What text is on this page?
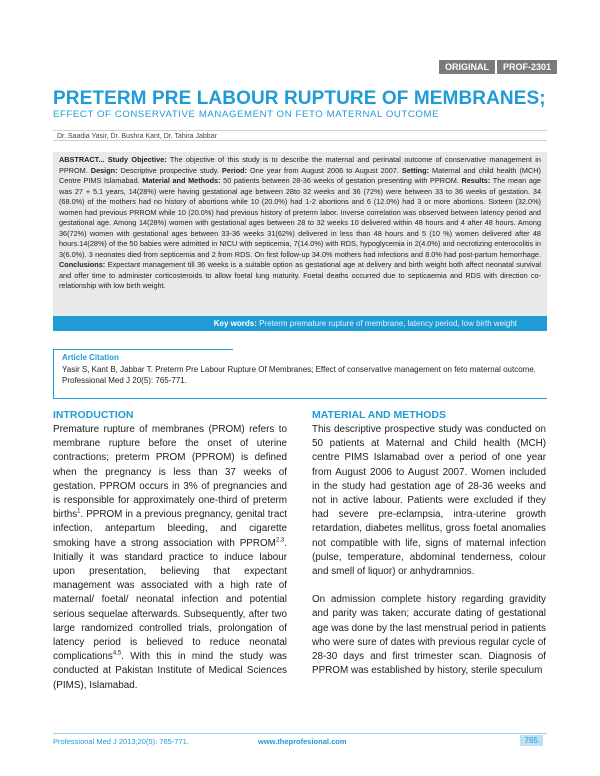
ORIGINAL	PROF-2301
PRETERM PRE LABOUR RUPTURE OF MEMBRANES;

EFFECT OF CONSERVATIVE MANAGEMENT ON FETO MATERNAL OUTCOME

Dr. Saadia Yasir, Dr. Bushra Kant, Dr. Tahira Jabbar

ABSTRACT... Study Objective: The objective of this study is to describe the maternal and perinatal outcome of conservative management in PPROM. Design: Descriptive prospective study. Period: One year from August 2006 to August 2007. Setting: Maternal and child health (MCH) Centre PIMS Islamabad. Material and Methods: 50 patients between 28-36 weeks of gestation presenting with PPROM. Results: The mean age was 27 + 5.1 years, 14(28%) were having gestational age between 28to 32 weeks and 36 (72%) were between 33 to 36 weeks of gestation. 34 (68.0%) of the mothers had no history of abortions while 10 (20.0%) had 1-2 abortions and 6 (12.0%) had 3 or more abortions. Sixteen (32.0%) women had previous PRROM while 10 (20.0%) had previous history of preterm labor. Inverse correlation was observed between latency period and gestational age. Among 14(28%) women with gestational ages between 28 to 32 weeks 10 delivered within 48 hours and 4 after 48 hours. Among 36(72%) women with gestational ages between 33-36 weeks 31(62%) delivered in less than 48 hours and 5 (10 %) women delivered after 48 hours.14(28%) of the 50 babies were admitted in NICU with septicemia, 7(14.0%) with RDS, hypoglycemia in 2(4.0%) and necrotizing enterocolitis in 3(6.0%). 3 neonates died from septicemia and 2 from RDS. On first follow-up 34.0% mothers had infections and 8.0% had post-partum hemorrhage. Conclusions: Expectant management till 36 weeks is a suitable option as gestational age at delivery and birth weight both affect neonatal survival and offer time to administer corticosteroids to allow foetal lung maturity. Foetal deaths occurred due to septicaemia and RDS with direction co-relationship with low birth weight.

Key words: Preterm premature rupture of membrane, latency period, low birth weight

Article Citation

Yasir S, Kant B, Jabbar T. Preterm Pre Labour Rupture Of Membranes; Effect of conservative management on feto maternal outcome. Professional Med J 20(5): 765-771.

INTRODUCTION

Premature rupture of membranes (PROM) refers to membrane rupture before the onset of uterine contractions; preterm PROM (PPROM) is defined when the pregnancy is less than 37 weeks of gestation. PPROM occurs in 3% of pregnancies and is responsible for approximately one-third of preterm births$^1$. PPROM in a previous pregnancy, genital tract infection, antepartum bleeding, and cigarette smoking have a strong association with PPROM$^{2,3}$. Initially it was standard practice to induce labour upon presentation, believing that expectant management was associated with a high rate of maternal/ foetal/ neonatal infection and potential serious sequelae afterwards. Subsequently, after two large randomized controlled trials, prolongation of latency period is believed to reduce neonatal complications$^{4,5}$. With this in mind the study was conducted at Pakistan Institute of Medical Sciences (PIMS), Islamabad.

MATERIAL AND METHODS

This descriptive prospective study was conducted on 50 patients at Maternal and Child health (MCH) centre PIMS Islamabad over a period of one year from August 2006 to August 2007. Women included in the study had gestation age of 28-36 weeks and not in active labour. Patients were excluded if they had severe pre-eclampsia, intra-uterine growth retardation, diabetes mellitus, gross foetal anomalies not compatible with life, signs of maternal infection (pulse, temperature, abdominal tenderness, colour and smell of liquor) or anhydramnios.

On admission complete history regarding gravidity and parity was taken; accurate dating of gestational age was done by the last menstrual period in patients who were sure of dates with previous regular cycle of 28-30 days and first trimester scan. Diagnosis of PPROM was established by history, sterile speculum

Professional Med J 2013;20(5): 765-771.	www.theprofesional.com	765
